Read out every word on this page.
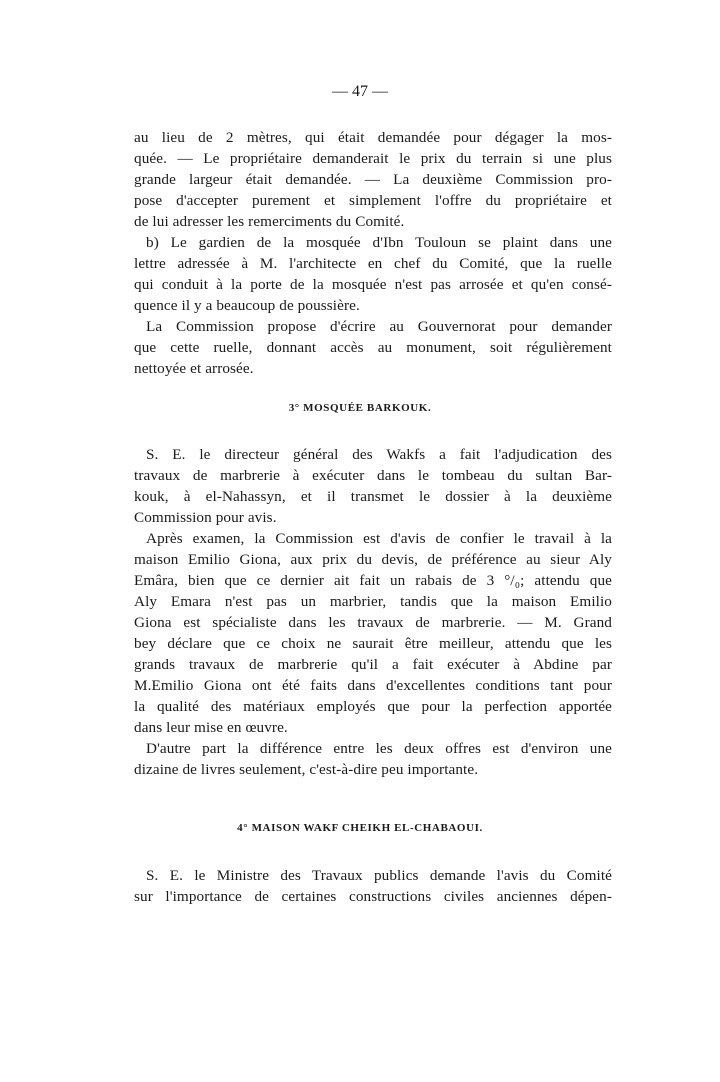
— 47 —
au lieu de 2 mètres, qui était demandée pour dégager la mos-
quée. — Le propriétaire demanderait le prix du terrain si une plus
grande largeur était demandée. — La deuxième Commission pro-
pose d'accepter purement et simplement l'offre du propriétaire et
de lui adresser les remerciments du Comité.
b) Le gardien de la mosquée d'Ibn Touloun se plaint dans une
lettre adressée à M. l'architecte en chef du Comité, que la ruelle
qui conduit à la porte de la mosquée n'est pas arrosée et qu'en consé-
quence il y a beaucoup de poussière.
La Commission propose d'écrire au Gouvernorat pour demander
que cette ruelle, donnant accès au monument, soit régulièrement
nettoyée et arrosée.
3° MOSQUÉE BARKOUK.
S. E. le directeur général des Wakfs a fait l'adjudication des
travaux de marbrerie à exécuter dans le tombeau du sultan Bar-
kouk, à el-Nahassyn, et il transmet le dossier à la deuxième
Commission pour avis.
Après examen, la Commission est d'avis de confier le travail à la
maison Emilio Giona, aux prix du devis, de préférence au sieur Aly
Emâra, bien que ce dernier ait fait un rabais de 3 °/₀; attendu que
Aly Emara n'est pas un marbrier, tandis que la maison Emilio
Giona est spécialiste dans les travaux de marbrerie. — M. Grand
bey déclare que ce choix ne saurait être meilleur, attendu que les
grands travaux de marbrerie qu'il a fait exécuter à Abdine par
M.Emilio Giona ont été faits dans d'excellentes conditions tant pour
la qualité des matériaux employés que pour la perfection apportée
dans leur mise en œuvre.
D'autre part la différence entre les deux offres est d'environ une
dizaine de livres seulement, c'est-à-dire peu importante.
4° MAISON WAKF CHEIKH EL-CHABAOUI.
S. E. le Ministre des Travaux publics demande l'avis du Comité
sur l'importance de certaines constructions civiles anciennes dépen-
